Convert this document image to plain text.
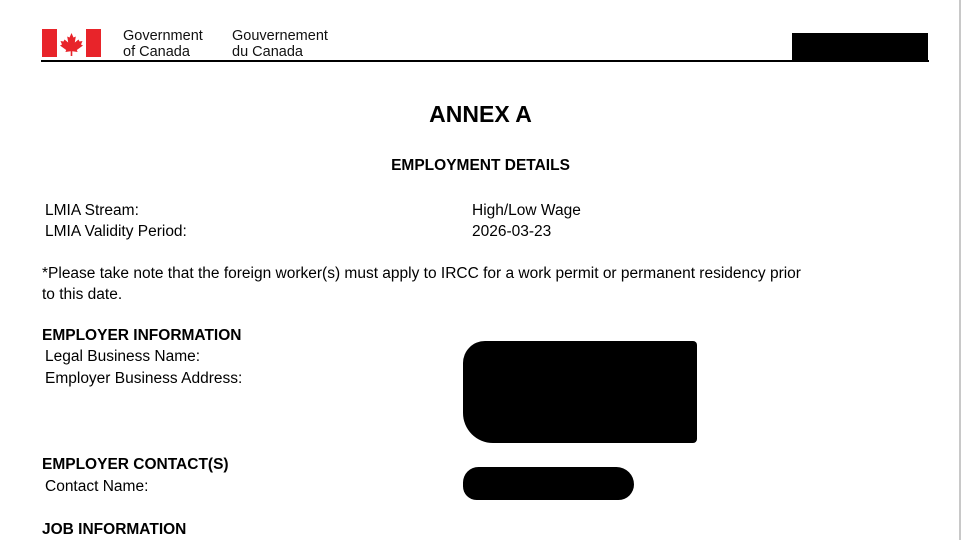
Government
of Canada
Gouvernement
du Canada
ANNEX A
EMPLOYMENT DETAILS
LMIA Stream:	High/Low Wage
LMIA Validity Period:	2026-03-23
*Please take note that the foreign worker(s) must apply to IRCC for a work permit or permanent residency prior
to this date.
EMPLOYER INFORMATION
Legal Business Name:
Employer Business Address:
EMPLOYER CONTACT(S)
Contact Name:
JOB INFORMATION
